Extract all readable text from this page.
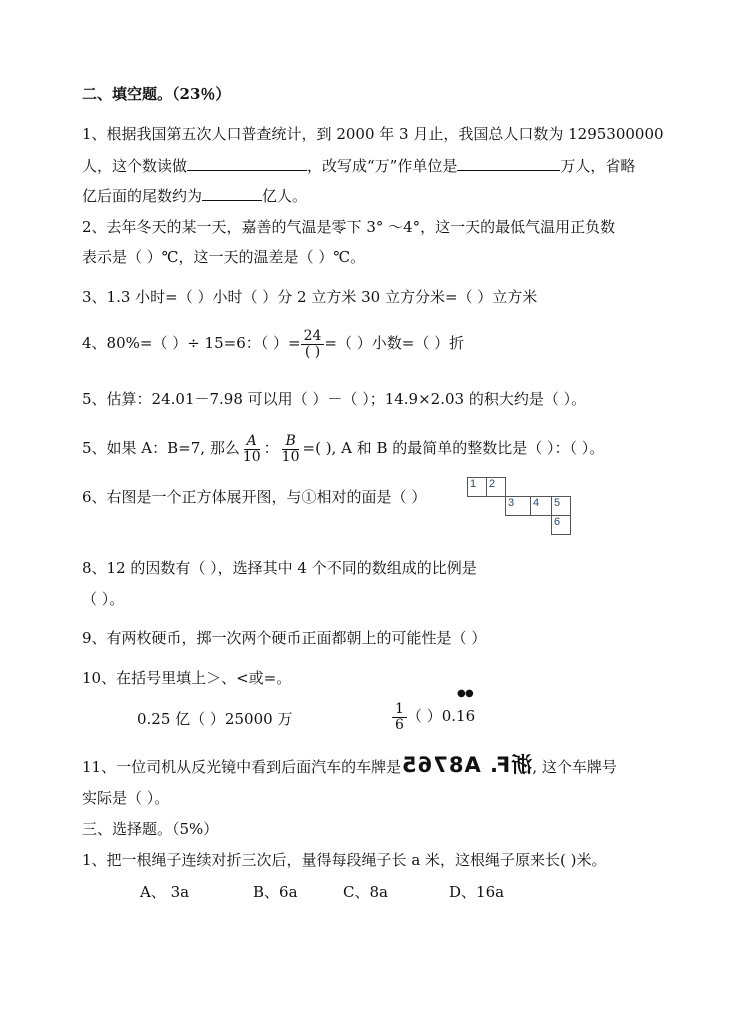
二、填空题。（23％）
1、根据我国第五次人口普查统计，到 2000 年 3 月止，我国总人口数为 1295300000
人，这个数读做	，改写成“万”作单位是	万人，省略
亿后面的尾数约为	亿人。
2、去年冬天的某一天，嘉善的气温是零下 3° ～4°，这一天的最低气温用正负数
表示是（ ）℃，这一天的温差是（ ）℃。
3、1.3 小时=（ ）小时（ ）分 2 立方米 30 立方分米=（ ）立方米
4、80%=（ ）÷ 15=6：（ ）= $\frac{24}{( )}$ =（ ）小数=（ ）折
5、估算：24.01－7.98 可以用（ ）－（ ）；14.9×2.03 的积大约是（ ）。
5、如果 A：B=7, 那么 $\frac{A}{10}$ ： $\frac{B}{10}$ =( ), A 和 B 的最简单的整数比是（ ）：（ ）。
6、右图是一个正方体展开图，与①相对的面是（ ）
1	2
3	4	5
6
8、12 的因数有（ ），选择其中 4 个不同的数组成的比例是
（ ）。
9、有两枚硬币，掷一次两个硬币正面都朝上的可能性是（ ）
10、在括号里填上＞、<或=。
0.25 亿（ ）25000 万	$\frac{1}{6}$ （ ）0.16
● ●
11、一位司机从反光镜中看到后面汽车的车牌是浙F. A8765, 这个车牌号
实际是（ ）。
三、选择题。（5%）
1、把一根绳子连续对折三次后，量得每段绳子长 a 米，这根绳子原来长( )米。
A、 3a	B、6a	C、8a	D、16a
